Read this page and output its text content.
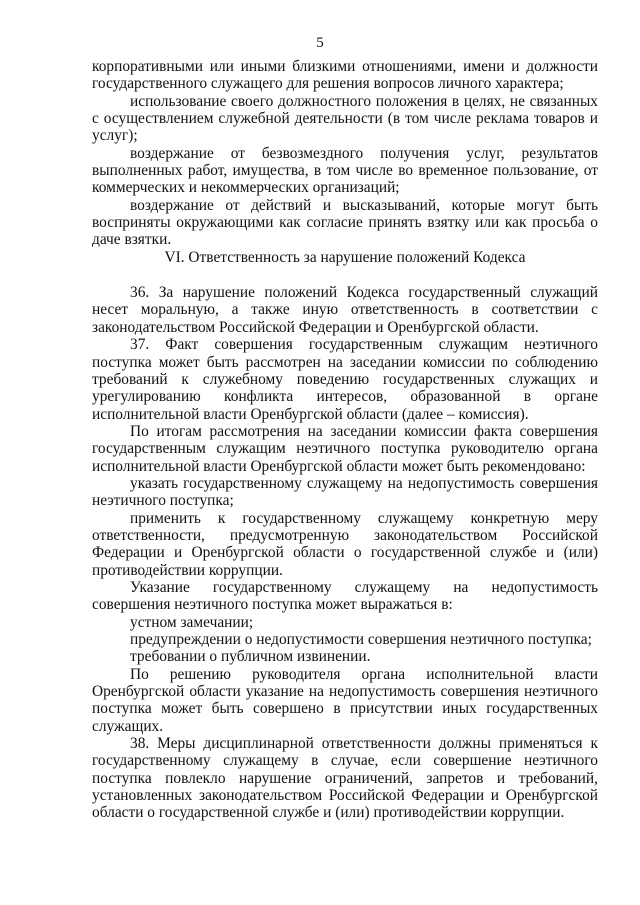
5

корпоративными или иными близкими отношениями, имени и должности государственного служащего для решения вопросов личного характера;

использование своего должностного положения в целях, не связанных с осуществлением служебной деятельности (в том числе реклама товаров и услуг);

воздержание от безвозмездного получения услуг, результатов выполненных работ, имущества, в том числе во временное пользование, от коммерческих и некоммерческих организаций;

воздержание от действий и высказываний, которые могут быть восприняты окружающими как согласие принять взятку или как просьба о даче взятки.

VI. Ответственность за нарушение положений Кодекса

36. За нарушение положений Кодекса государственный служащий несет моральную, а также иную ответственность в соответствии с законодательством Российской Федерации и Оренбургской области.

37. Факт совершения государственным служащим неэтичного поступка может быть рассмотрен на заседании комиссии по соблюдению требований к служебному поведению государственных служащих и урегулированию конфликта интересов, образованной в органе исполнительной власти Оренбургской области (далее – комиссия).

По итогам рассмотрения на заседании комиссии факта совершения государственным служащим неэтичного поступка руководителю органа исполнительной власти Оренбургской области может быть рекомендовано:

указать государственному служащему на недопустимость совершения неэтичного поступка;

применить к государственному служащему конкретную меру ответственности, предусмотренную законодательством Российской Федерации и Оренбургской области о государственной службе и (или) противодействии коррупции.

Указание государственному служащему на недопустимость совершения неэтичного поступка может выражаться в:

устном замечании;

предупреждении о недопустимости совершения неэтичного поступка;

требовании о публичном извинении.

По решению руководителя органа исполнительной власти Оренбургской области указание на недопустимость совершения неэтичного поступка может быть совершено в присутствии иных государственных служащих.

38. Меры дисциплинарной ответственности должны применяться к государственному служащему в случае, если совершение неэтичного поступка повлекло нарушение ограничений, запретов и требований, установленных законодательством Российской Федерации и Оренбургской области о государственной службе и (или) противодействии коррупции.
